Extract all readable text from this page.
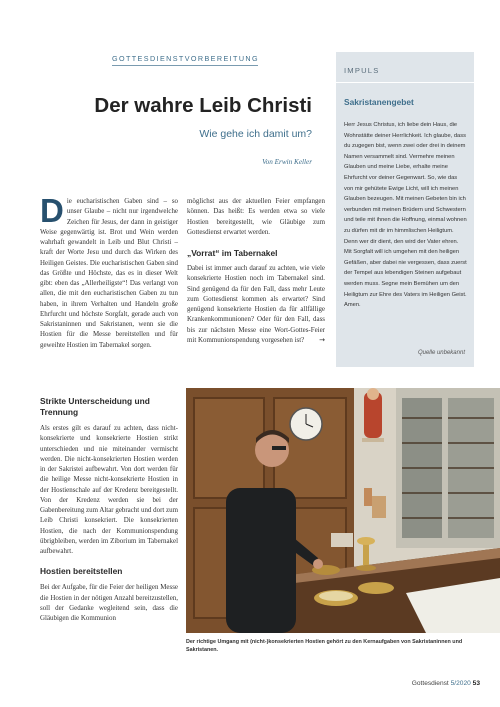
GOTTESDIENSTVORBEREITUNG
Der wahre Leib Christi
Wie gehe ich damit um?
Von Erwin Keller
Die eucharistischen Gaben sind – so unser Glaube – nicht nur irgendwelche Zeichen für Jesus, der dann in geistiger Weise gegenwärtig ist. Brot und Wein werden wahrhaft gewandelt in Leib und Blut Christi – kraft der Worte Jesu und durch das Wirken des Heiligen Geistes. Die eucharistischen Gaben sind das Größte und Höchste, das es in dieser Welt gibt: eben das „Allerheiligste“! Das verlangt von allen, die mit den eucharistischen Gaben zu tun haben, in ihrem Verhalten und Handeln große Ehrfurcht und höchste Sorgfalt, gerade auch von Sakristaninnen und Sakristanen, wenn sie die Hostien für die Messe bereitstellen und für geweihte Hostien im Tabernakel sorgen.

möglichst aus der aktuellen Feier empfangen können. Das heißt: Es werden etwa so viele Hostien bereitgestellt, wie Gläubige zum Gottesdienst erwartet werden.

„Vorrat“ im Tabernakel

Dabei ist immer auch darauf zu achten, wie viele konsekrierte Hostien noch im Tabernakel sind. Sind genügend da für den Fall, dass mehr Leute zum Gottesdienst kommen als erwartet? Sind genügend konsekrierte Hostien da für allfällige Krankenkommunionen? Oder für den Fall, dass bis zur nächsten Messe eine Wort-Gottes-Feier mit Kommunionspendung vorgesehen ist? →

IMPULS
Sakristanengebet
Herr Jesus Christus, ich liebe dein Haus, die Wohnstätte deiner Herrlichkeit. Ich glaube, dass du zugegen bist, wenn zwei oder drei in deinem Namen versammelt sind. Vermehre meinen Glauben und meine Liebe, erhalte meine Ehrfurcht vor deiner Gegenwart. So, wie das von mir gehütete Ewige Licht, will ich meinen Glauben bezeugen. Mit meinen Gebeten bin ich verbunden mit meinen Brüdern und Schwestern und teile mit ihnen die Hoffnung, einmal wohnen zu dürfen mit dir im himmlischen Heiligtum. Denn wer dir dient, den wird der Vater ehren. Mit Sorgfalt will ich umgehen mit den heiligen Gefäßen, aber dabei nie vergessen, dass zuerst der Tempel aus lebendigen Steinen aufgebaut werden muss. Segne mein Bemühen um den Heiligtum zur Ehre des Vaters im Heiligen Geist. Amen.
Quelle unbekannt
Strikte Unterscheidung und Trennung

Als erstes gilt es darauf zu achten, dass nicht-konsekrierte und konsekrierte Hostien strikt unterschieden und nie miteinander vermischt werden. Die nicht-konsekrierten Hostien werden in der Sakristei aufbewahrt. Von dort werden für die heilige Messe nicht-konsekrierte Hostien in der Hostienschale auf der Kredenz bereitgestellt. Von der Kredenz werden sie bei der Gabenbereitung zum Altar gebracht und dort zum Leib Christi konsekriert. Die konsekrierten Hostien, die nach der Kommunionspendung übrigbleiben, werden im Ziborium im Tabernakel aufbewahrt.

Hostien bereitstellen

Bei der Aufgabe, für die Feier der heiligen Messe die Hostien in der nötigen Anzahl bereitzustellen, soll der Gedanke wegleitend sein, dass die Gläubigen die Kommunion

Der richtige Umgang mit (nicht-)konsekrierten Hostien gehört zu den Kernaufgaben von Sakristaninnen und Sakristanen.
Gottesdienst 5/2020 53
